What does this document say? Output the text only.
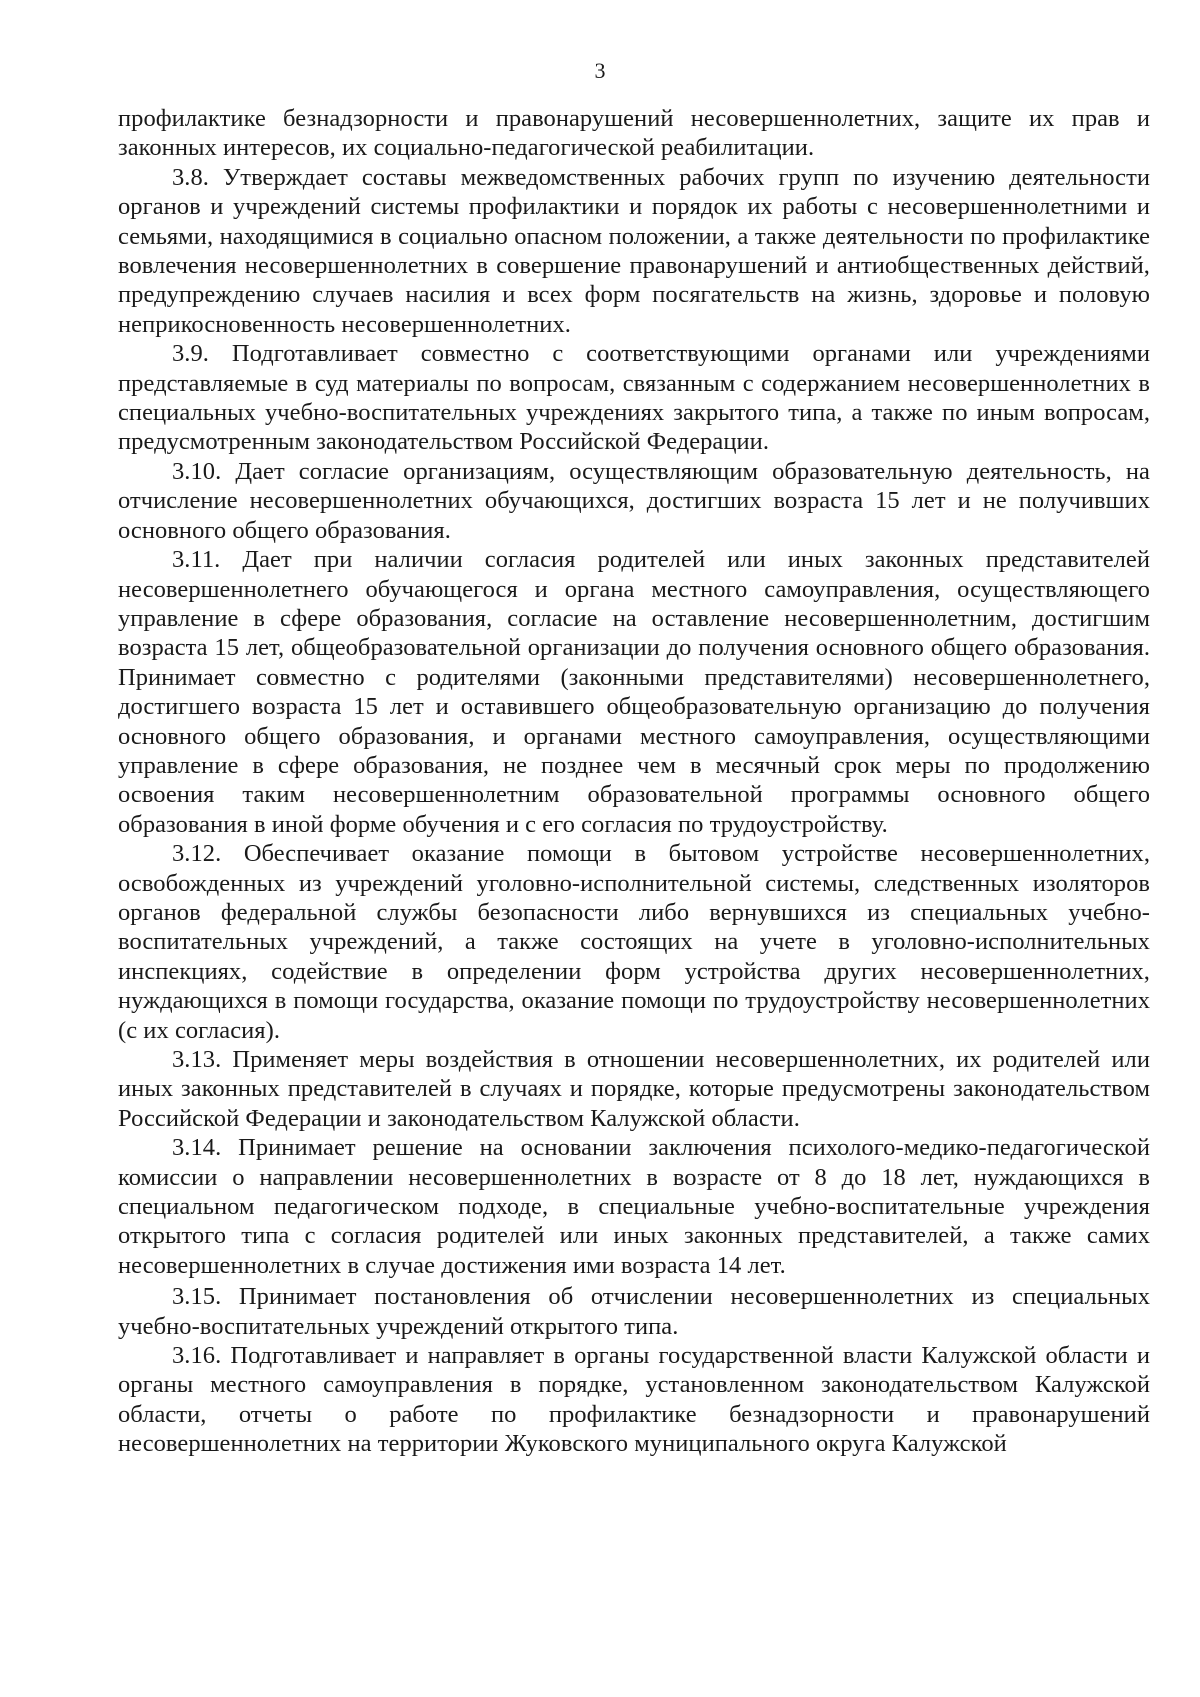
3

профилактике безнадзорности и правонарушений несовершеннолетних, защите их прав и законных интересов, их социально-педагогической реабилитации.

3.8. Утверждает составы межведомственных рабочих групп по изучению деятельности органов и учреждений системы профилактики и порядок их работы с несовершеннолетними и семьями, находящимися в социально опасном положении, а также деятельности по профилактике вовлечения несовершеннолетних в совершение правонарушений и антиобщественных действий, предупреждению случаев насилия и всех форм посягательств на жизнь, здоровье и половую неприкосновенность несовершеннолетних.

3.9. Подготавливает совместно с соответствующими органами или учреждениями представляемые в суд материалы по вопросам, связанным с содержанием несовершеннолетних в специальных учебно-воспитательных учреждениях закрытого типа, а также по иным вопросам, предусмотренным законодательством Российской Федерации.

3.10. Дает согласие организациям, осуществляющим образовательную деятельность, на отчисление несовершеннолетних обучающихся, достигших возраста 15 лет и не получивших основного общего образования.

3.11. Дает при наличии согласия родителей или иных законных представителей несовершеннолетнего обучающегося и органа местного самоуправления, осуществляющего управление в сфере образования, согласие на оставление несовершеннолетним, достигшим возраста 15 лет, общеобразовательной организации до получения основного общего образования. Принимает совместно с родителями (законными представителями) несовершеннолетнего, достигшего возраста 15 лет и оставившего общеобразовательную организацию до получения основного общего образования, и органами местного самоуправления, осуществляющими управление в сфере образования, не позднее чем в месячный срок меры по продолжению освоения таким несовершеннолетним образовательной программы основного общего образования в иной форме обучения и с его согласия по трудоустройству.

3.12. Обеспечивает оказание помощи в бытовом устройстве несовершеннолетних, освобожденных из учреждений уголовно-исполнительной системы, следственных изоляторов органов федеральной службы безопасности либо вернувшихся из специальных учебно-воспитательных учреждений, а также состоящих на учете в уголовно-исполнительных инспекциях, содействие в определении форм устройства других несовершеннолетних, нуждающихся в помощи государства, оказание помощи по трудоустройству несовершеннолетних (с их согласия).

3.13. Применяет меры воздействия в отношении несовершеннолетних, их родителей или иных законных представителей в случаях и порядке, которые предусмотрены законодательством Российской Федерации и законодательством Калужской области.

3.14. Принимает решение на основании заключения психолого-медико-педагогической комиссии о направлении несовершеннолетних в возрасте от 8 до 18 лет, нуждающихся в специальном педагогическом подходе, в специальные учебно-воспитательные учреждения открытого типа с согласия родителей или иных законных представителей, а также самих несовершеннолетних в случае достижения ими возраста 14 лет.

3.15. Принимает постановления об отчислении несовершеннолетних из специальных учебно-воспитательных учреждений открытого типа.

3.16. Подготавливает и направляет в органы государственной власти Калужской области и органы местного самоуправления в порядке, установленном законодательством Калужской области, отчеты о работе по профилактике безнадзорности и правонарушений несовершеннолетних на территории Жуковского муниципального округа Калужской
